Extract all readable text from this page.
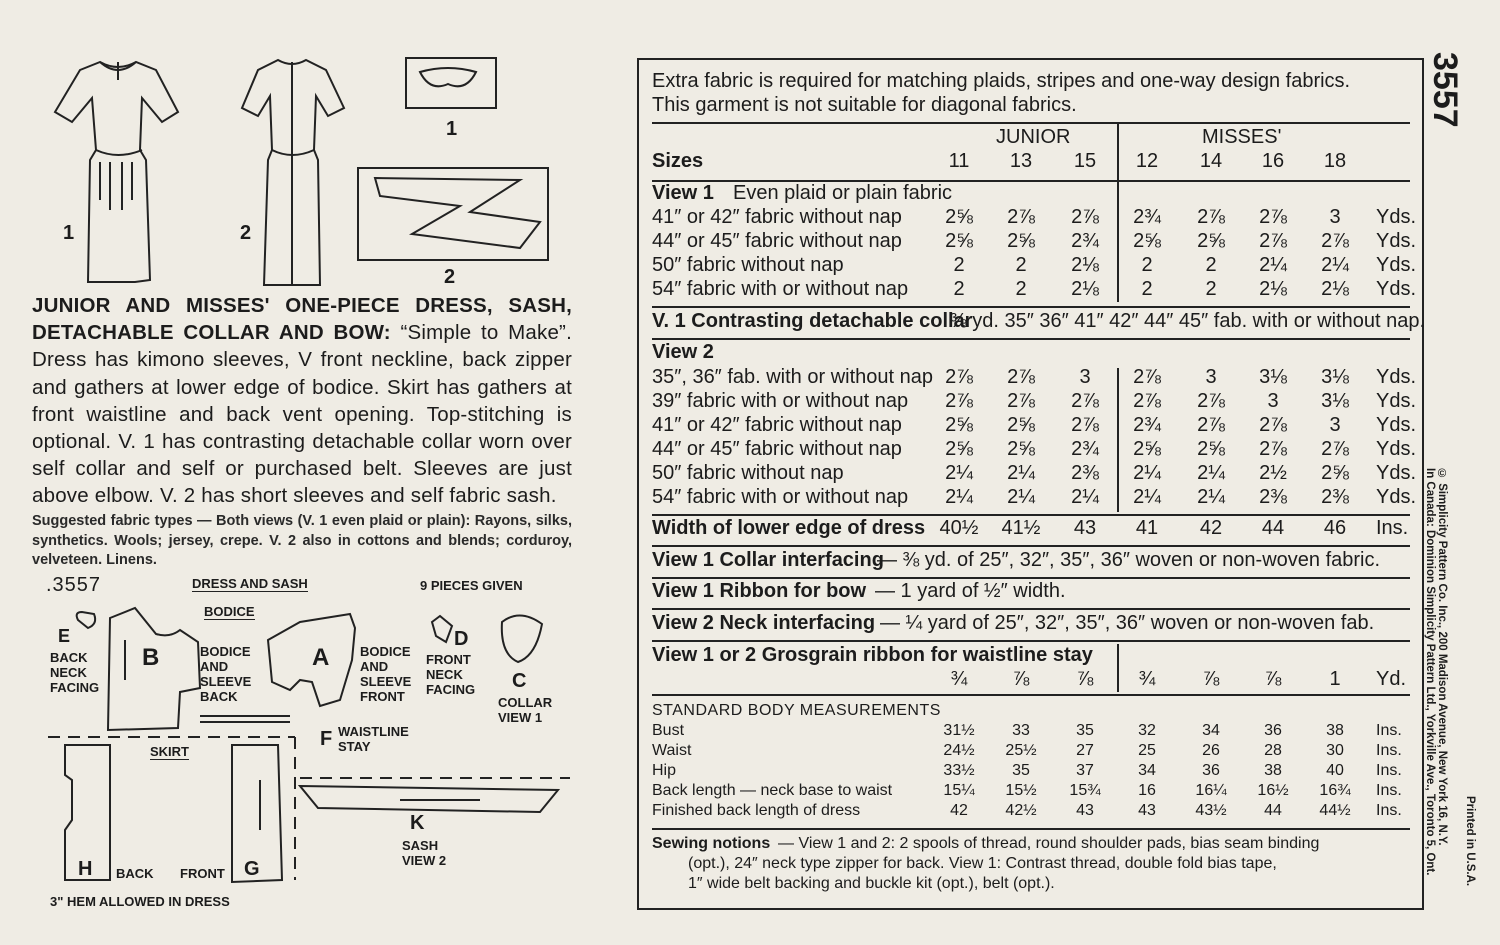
1	2
1
2
JUNIOR AND MISSES' ONE-PIECE DRESS, SASH, DETACHABLE COLLAR AND BOW: “Simple to Make”. Dress has kimono sleeves, V front neckline, back zipper and gathers at lower edge of bodice. Skirt has gathers at front waistline and back vent opening. Top-stitching is optional. V. 1 has contrasting detachable collar worn over self collar and self or purchased belt. Sleeves are just above elbow. V. 2 has short sleeves and self fabric sash.
Suggested fabric types — Both views (V. 1 even plaid or plain): Rayons, silks, synthetics. Wools; jersey, crepe. V. 2 also in cottons and blends; corduroy, velveteen. Linens.
.3557	DRESS AND SASH	9 PIECES GIVEN
BODICE
SKIRT
E
BACK NECK FACING
B	BODICE AND SLEEVE BACK
A BODICE AND SLEEVE FRONT
D
FRONT NECK FACING	C
COLLAR VIEW 1
F WAISTLINE STAY
H BACK FRONT G
K
SASH VIEW 2
3" HEM ALLOWED IN DRESS
Extra fabric is required for matching plaids, stripes and one-way design fabrics.
This garment is not suitable for diagonal fabrics.
JUNIOR	MISSES'
Sizes	11	13	15	12	14	16	18
View 1 Even plaid or plain fabric
41″ or 42″ fabric without nap	2⅝	2⅞	2⅞	2¾	2⅞	2⅞	3	Yds.
44″ or 45″ fabric without nap	2⅝	2⅝	2¾	2⅝	2⅝	2⅞	2⅞	Yds.
50″ fabric without nap	2	2	2⅛	2	2	2¼	2¼	Yds.
54″ fabric with or without nap	2	2	2⅛	2	2	2⅛	2⅛	Yds.
V. 1 Contrasting detachable collar
⅜ yd. 35″ 36″ 41″ 42″ 44″ 45″ fab. with or without nap.
View 2
35″, 36″ fab. with or without nap 2⅞	2⅞	3	2⅞	3	3⅛	3⅛	Yds.
39″ fabric with or without nap	2⅞	2⅞	2⅞	2⅞	2⅞	3	3⅛	Yds.
41″ or 42″ fabric without nap	2⅝	2⅝	2⅞	2¾	2⅞	2⅞	3	Yds.
44″ or 45″ fabric without nap	2⅝	2⅝	2¾	2⅝	2⅝	2⅞	2⅞	Yds.
50″ fabric without nap	2¼	2¼	2⅜	2¼	2¼	2½	2⅝	Yds.
54″ fabric with or without nap	2¼	2¼	2¼	2¼	2¼	2⅜	2⅜	Yds.
Width of lower edge of dress 40½ 41½	43	41	42	44	46	Ins.
View 1 Collar interfacing
— ⅜ yd. of 25″, 32″, 35″, 36″ woven or non-woven fabric.
View 1 Ribbon for bow — 1 yard of ½″ width.
View 2 Neck interfacing — ¼ yard of 25″, 32″, 35″, 36″ woven or non-woven fab.
View 1 or 2 Grosgrain ribbon for waistline stay
¾	⅞	⅞	¾	⅞	⅞	1	Yd.
STANDARD BODY MEASUREMENTS
Bust	31½	33	35	32	34	36	38	Ins.
Waist	24½	25½	27	25	26	28	30	Ins.
Hip	33½	35	37	34	36	38	40	Ins.
Back length — neck base to waist	15¼	15½	15¾	16	16¼	16½	16¾	Ins.
Finished back length of dress	42	42½	43	43	43½	44	44½	Ins.
Sewing notions — View 1 and 2: 2 spools of thread, round shoulder pads, bias seam binding
(opt.), 24″ neck type zipper for back. View 1: Contrast thread, double fold bias tape,
1″ wide belt backing and buckle kit (opt.), belt (opt.).
3557
© Simplicity Pattern Co. Inc., 200 Madison Avenue, New York 16, N.Y.
In Canada: Dominion Simplicity Pattern Ltd., Yorkville Ave., Toronto 5, Ont.	Printed in U.S.A.
